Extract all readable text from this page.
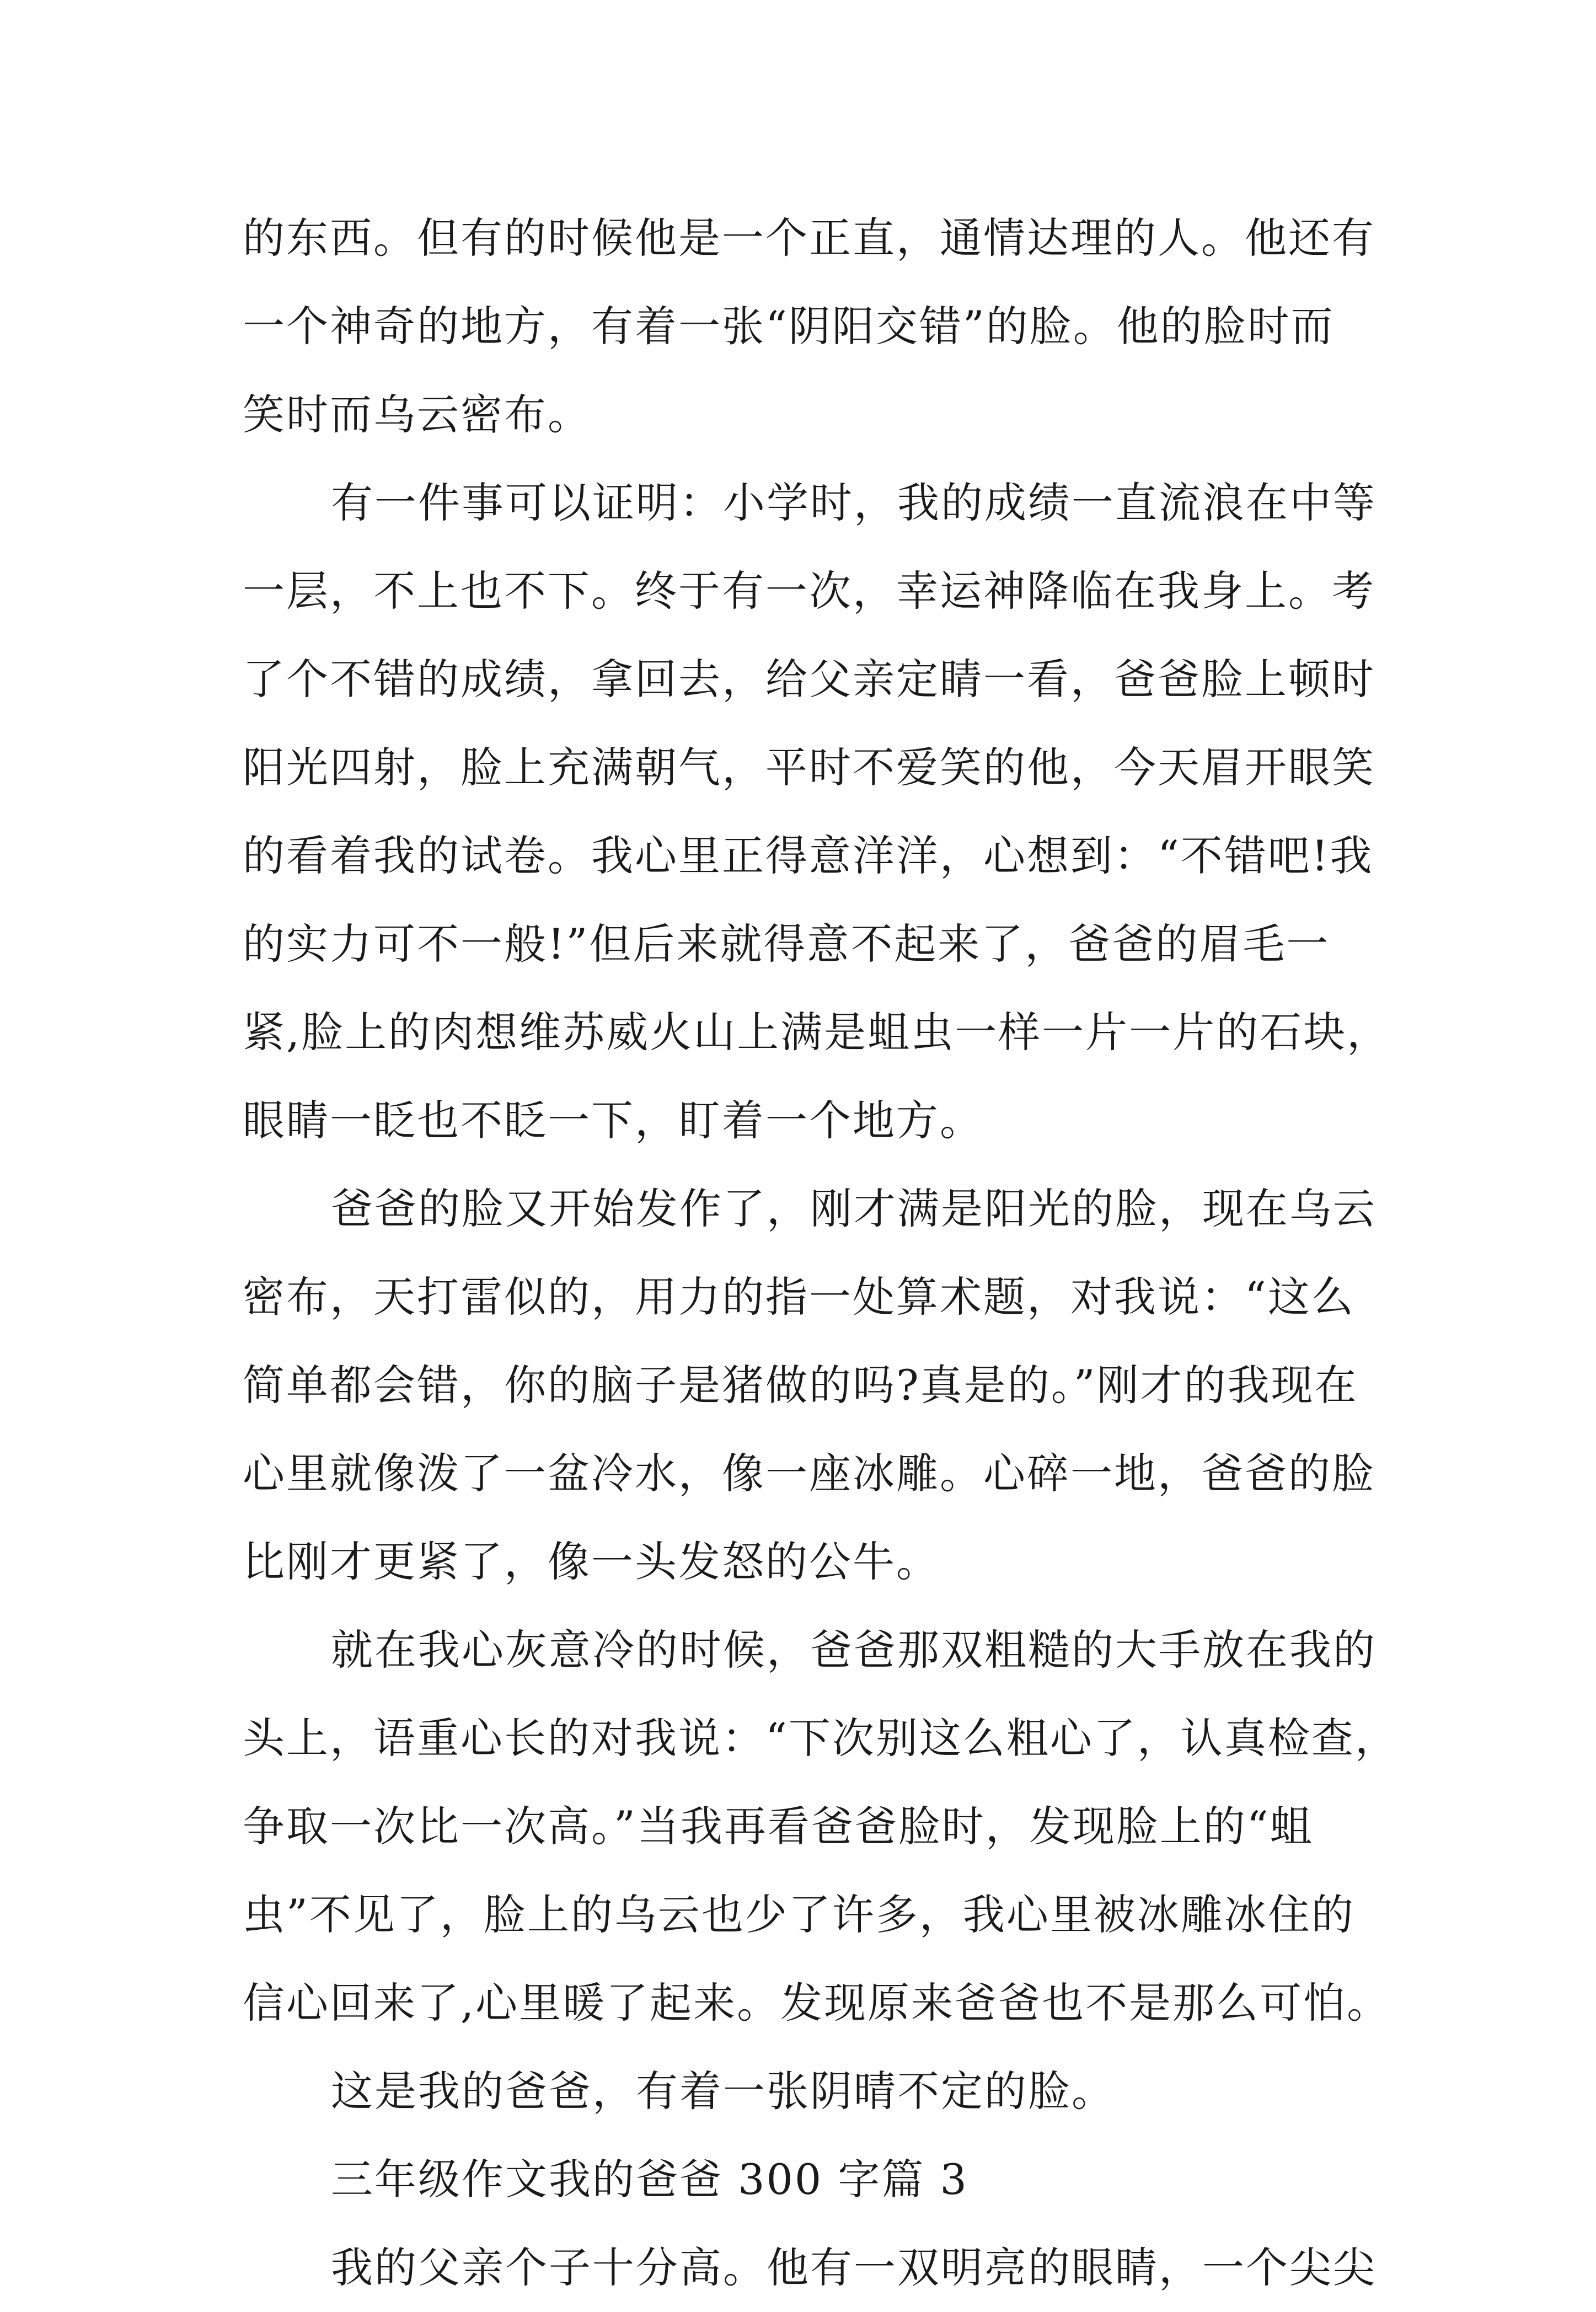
的东西。但有的时候他是一个正直，通情达理的人。他还有
一个神奇的地方，有着一张“阴阳交错”的脸。他的脸时而
笑时而乌云密布。
有一件事可以证明：小学时，我的成绩一直流浪在中等
一层，不上也不下。终于有一次，幸运神降临在我身上。考
了个不错的成绩，拿回去，给父亲定睛一看，爸爸脸上顿时
阳光四射，脸上充满朝气，平时不爱笑的他，今天眉开眼笑
的看着我的试卷。我心里正得意洋洋，心想到：“不错吧!我
的实力可不一般!”但后来就得意不起来了，爸爸的眉毛一
紧,脸上的肉想维苏威火山上满是蛆虫一样一片一片的石块，
眼睛一眨也不眨一下，盯着一个地方。
爸爸的脸又开始发作了，刚才满是阳光的脸，现在乌云
密布，天打雷似的，用力的指一处算术题，对我说：“这么
简单都会错，你的脑子是猪做的吗?真是的。”刚才的我现在
心里就像泼了一盆冷水，像一座冰雕。心碎一地，爸爸的脸
比刚才更紧了，像一头发怒的公牛。
就在我心灰意冷的时候，爸爸那双粗糙的大手放在我的
头上，语重心长的对我说：“下次别这么粗心了，认真检查，
争取一次比一次高。”当我再看爸爸脸时，发现脸上的“蛆
虫”不见了，脸上的乌云也少了许多，我心里被冰雕冰住的
信心回来了,心里暖了起来。发现原来爸爸也不是那么可怕。
这是我的爸爸，有着一张阴晴不定的脸。
三年级作文我的爸爸 300 字篇 3
我的父亲个子十分高。他有一双明亮的眼睛，一个尖尖
